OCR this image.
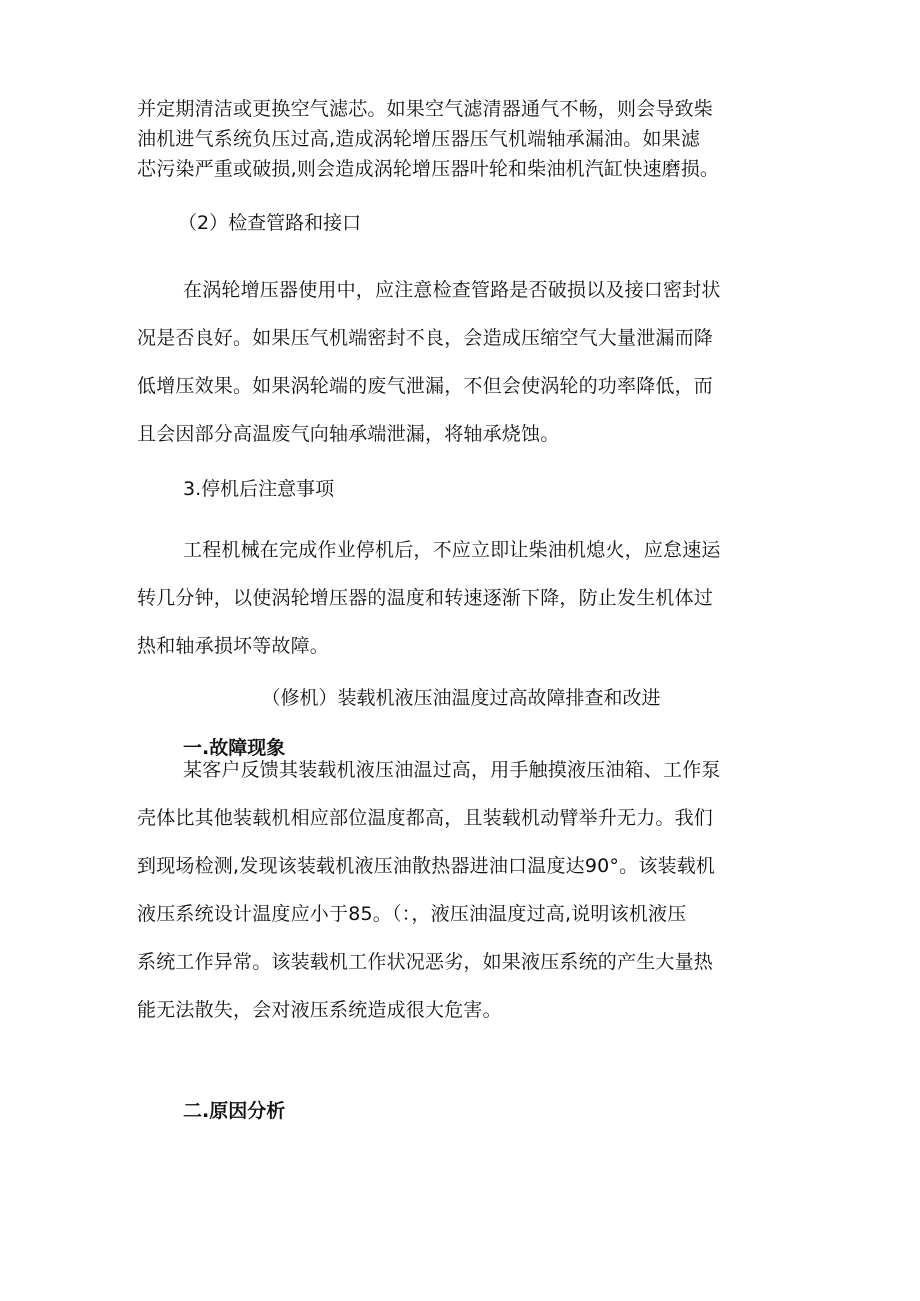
并定期清洁或更换空气滤芯。如果空气滤清器通气不畅，则会导致柴
油机进气系统负压过高,造成涡轮增压器压气机端轴承漏油。如果滤
芯污染严重或破损,则会造成涡轮增压器叶轮和柴油机汽缸快速磨损。
（2）检查管路和接口
在涡轮增压器使用中，应注意检查管路是否破损以及接口密封状
况是否良好。如果压气机端密封不良，会造成压缩空气大量泄漏而降
低增压效果。如果涡轮端的废气泄漏，不但会使涡轮的功率降低，而
且会因部分高温废气向轴承端泄漏，将轴承烧蚀。
3.停机后注意事项
工程机械在完成作业停机后，不应立即让柴油机熄火，应怠速运
转几分钟，以使涡轮增压器的温度和转速逐渐下降，防止发生机体过
热和轴承损坏等故障。
（修机）装载机液压油温度过高故障排查和改进
一.故障现象
某客户反馈其装载机液压油温过高，用手触摸液压油箱、工作泵
壳体比其他装载机相应部位温度都高，且装载机动臂举升无力。我们
到现场检测,发现该装载机液压油散热器进油口温度达90°。该装载机
液压系统设计温度应小于85。（：，液压油温度过高,说明该机液压
系统工作异常。该装载机工作状况恶劣，如果液压系统的产生大量热
能无法散失，会对液压系统造成很大危害。
二.原因分析
